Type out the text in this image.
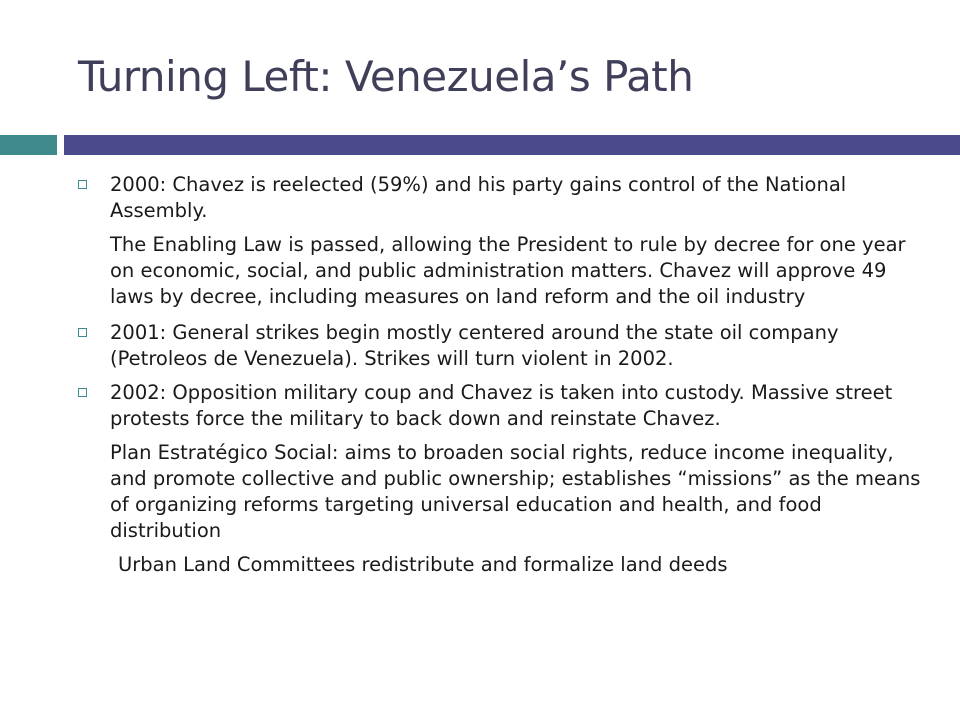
Turning Left: Venezuela’s Path
2000: Chavez is reelected (59%) and his party gains control of the National Assembly.
The Enabling Law is passed, allowing the President to rule by decree for one year on economic, social, and public administration matters. Chavez will approve 49 laws by decree, including measures on land reform and the oil industry
2001: General strikes begin mostly centered around the state oil company (Petroleos de Venezuela). Strikes will turn violent in 2002.
2002: Opposition military coup and Chavez is taken into custody. Massive street protests force the military to back down and reinstate Chavez.
Plan Estratégico Social: aims to broaden social rights, reduce income inequality, and promote collective and public ownership; establishes “missions” as the means of organizing reforms targeting universal education and health, and food distribution
Urban Land Committees redistribute and formalize land deeds
